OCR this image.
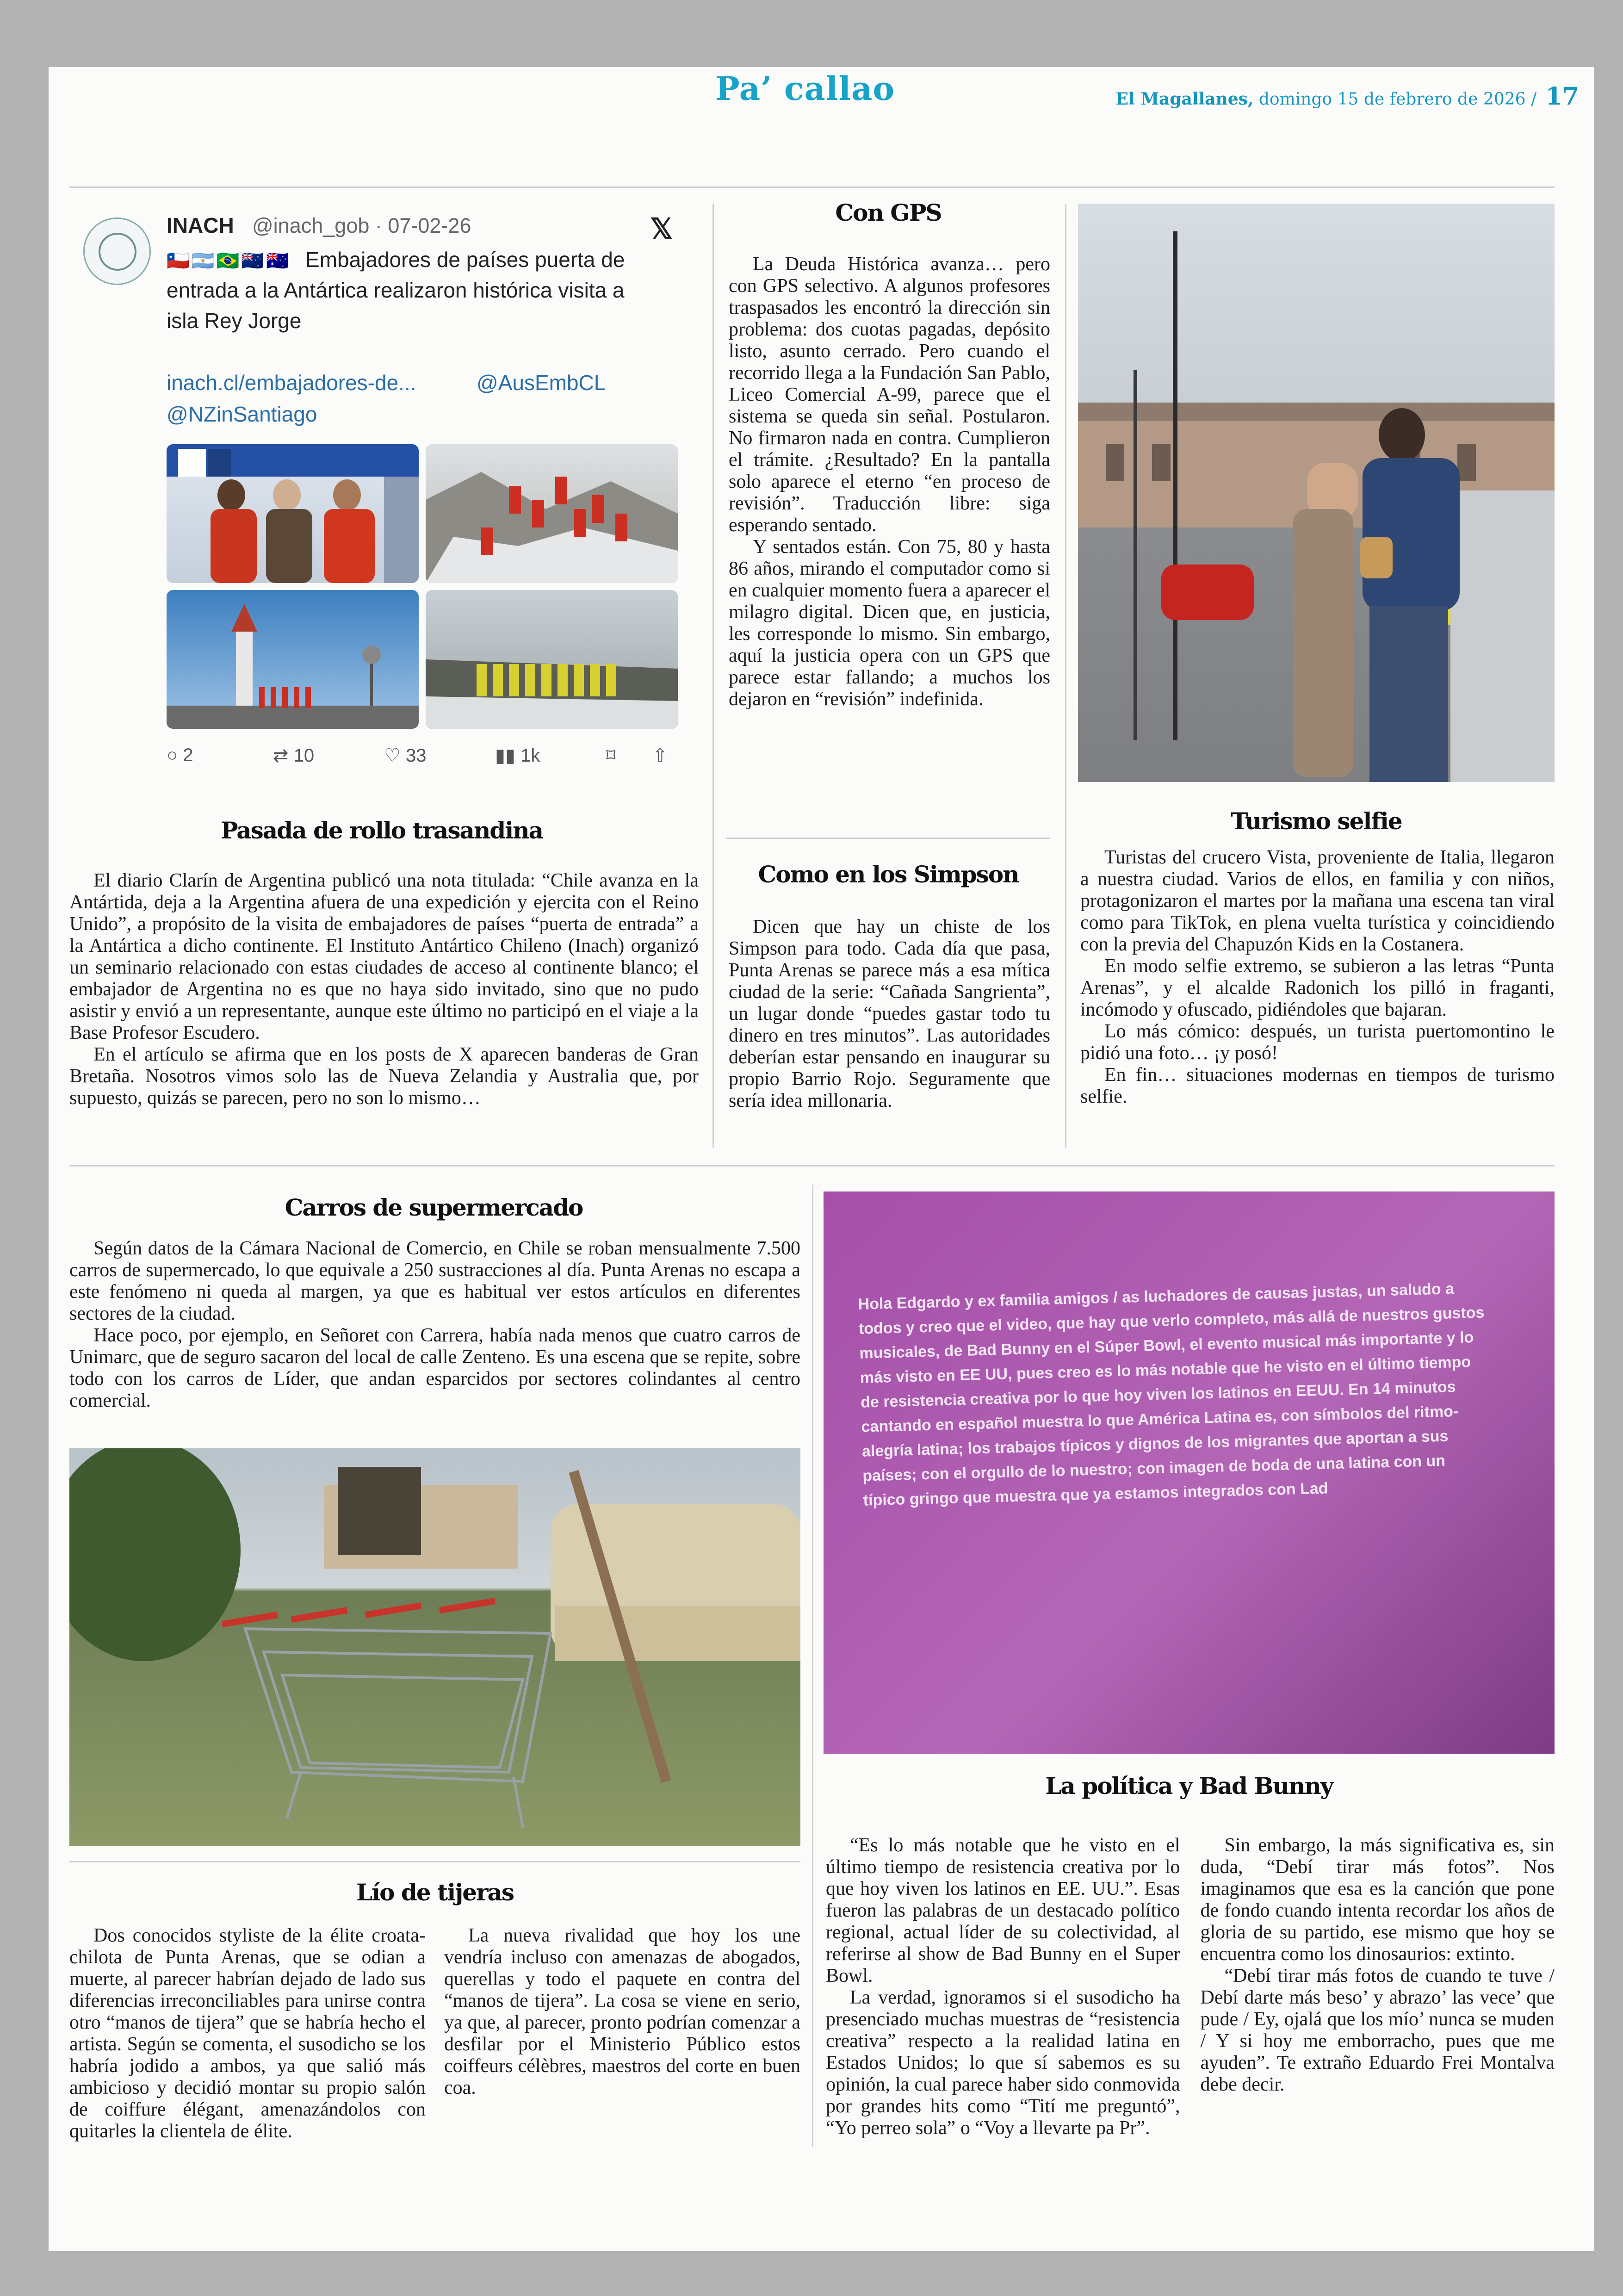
Pa’ callao	El Magallanes, domingo 15 de febrero de 2026 / 17
INACH @inach_gob · 07-02-26	𝕏
🇨🇱🇦🇷🇧🇷🇳🇿🇦🇺 Embajadores de países puerta de entrada a la Antártica realizaron histórica visita a isla Rey Jorge
inach.cl/embajadores-de...	@AusEmbCL
@NZinSantiago
○ 2	⇄ 10	♡ 33	▮▮ 1k	⌑ ⇧
Pasada de rollo trasandina

El diario Clarín de Argentina publicó una nota titulada: “Chile avanza en la Antártida, deja a la Argentina afuera de una expedición y ejercita con el Reino Unido”, a propósito de la visita de embajadores de países “puerta de entrada” a la Antártica a dicho continente. El Instituto Antártico Chileno (Inach) organizó un seminario relacionado con estas ciudades de acceso al continente blanco; el embajador de Argentina no es que no haya sido invitado, sino que no pudo asistir y envió a un representante, aunque este último no participó en el viaje a la Base Profesor Escudero.

En el artículo se afirma que en los posts de X aparecen banderas de Gran Bretaña. Nosotros vimos solo las de Nueva Zelandia y Australia que, por supuesto, quizás se parecen, pero no son lo mismo…

Con GPS

La Deuda Histórica avanza… pero con GPS selectivo. A algunos profesores traspasados les encontró la dirección sin problema: dos cuotas pagadas, depósito listo, asunto cerrado. Pero cuando el recorrido llega a la Fundación San Pablo, Liceo Comercial A-99, parece que el sistema se queda sin señal. Postularon. No firmaron nada en contra. Cumplieron el trámite. ¿Resultado? En la pantalla solo aparece el eterno “en proceso de revisión”. Traducción libre: siga esperando sentado.

Y sentados están. Con 75, 80 y hasta 86 años, mirando el computador como si en cualquier momento fuera a aparecer el milagro digital. Dicen que, en justicia, les corresponde lo mismo. Sin embargo, aquí la justicia opera con un GPS que parece estar fallando; a muchos los dejaron en “revisión” indefinida.

Como en los Simpson

Dicen que hay un chiste de los Simpson para todo. Cada día que pasa, Punta Arenas se parece más a esa mítica ciudad de la serie: “Cañada Sangrienta”, un lugar donde “puedes gastar todo tu dinero en tres minutos”. Las autoridades deberían estar pensando en inaugurar su propio Barrio Rojo. Seguramente que sería idea millonaria.

Turismo selfie

Turistas del crucero Vista, proveniente de Italia, llegaron a nuestra ciudad. Varios de ellos, en familia y con niños, protagonizaron el martes por la mañana una escena tan viral como para TikTok, en plena vuelta turística y coincidiendo con la previa del Chapuzón Kids en la Costanera.

En modo selfie extremo, se subieron a las letras “Punta Arenas”, y el alcalde Radonich los pilló in fraganti, incómodo y ofuscado, pidiéndoles que bajaran.

Lo más cómico: después, un turista puertomontino le pidió una foto… ¡y posó!

En fin… situaciones modernas en tiempos de turismo selfie.

Carros de supermercado

Según datos de la Cámara Nacional de Comercio, en Chile se roban mensualmente 7.500 carros de supermercado, lo que equivale a 250 sustracciones al día. Punta Arenas no escapa a este fenómeno ni queda al margen, ya que es habitual ver estos artículos en diferentes sectores de la ciudad.

Hace poco, por ejemplo, en Señoret con Carrera, había nada menos que cuatro carros de Unimarc, que de seguro sacaron del local de calle Zenteno. Es una escena que se repite, sobre todo con los carros de Líder, que andan esparcidos por sectores colindantes al centro comercial.

Hola Edgardo y ex familia amigos / as luchadores de causas justas, un saludo a todos y creo que el video, que hay que verlo completo, más allá de nuestros gustos musicales, de Bad Bunny en el Súper Bowl, el evento musical más importante y lo más visto en EE UU, pues creo es lo más notable que he visto en el último tiempo de resistencia creativa por lo que hoy viven los latinos en EEUU. En 14 minutos cantando en español muestra lo que América Latina es, con símbolos del ritmo-alegría latina; los trabajos típicos y dignos de los migrantes que aportan a sus países; con el orgullo de lo nuestro; con imagen de boda de una latina con un típico gringo que muestra que ya estamos integrados con Lad
La política y Bad Bunny

“Es lo más notable que he visto en el último tiempo de resistencia creativa por lo que hoy viven los latinos en EE. UU.”. Esas fueron las palabras de un destacado político regional, actual líder de su colectividad, al referirse al show de Bad Bunny en el Super Bowl.

La verdad, ignoramos si el susodicho ha presenciado muchas muestras de “resistencia creativa” respecto a la realidad latina en Estados Unidos; lo que sí sabemos es su opinión, la cual parece haber sido conmovida por grandes hits como “Tití me preguntó”, “Yo perreo sola” o “Voy a llevarte pa Pr”.

Sin embargo, la más significativa es, sin duda, “Debí tirar más fotos”. Nos imaginamos que esa es la canción que pone de fondo cuando intenta recordar los años de gloria de su partido, ese mismo que hoy se encuentra como los dinosaurios: extinto.

“Debí tirar más fotos de cuando te tuve / Debí darte más beso’ y abrazo’ las vece’ que pude / Ey, ojalá que los mío’ nunca se muden / Y si hoy me emborracho, pues que me ayuden”. Te extraño Eduardo Frei Montalva debe decir.

Lío de tijeras

Dos conocidos styliste de la élite croata-chilota de Punta Arenas, que se odian a muerte, al parecer habrían dejado de lado sus diferencias irreconciliables para unirse contra otro “manos de tijera” que se habría hecho el artista. Según se comenta, el susodicho se los habría jodido a ambos, ya que salió más ambicioso y decidió montar su propio salón de coiffure élégant, amenazándolos con quitarles la clientela de élite.

La nueva rivalidad que hoy los une vendría incluso con amenazas de abogados, querellas y todo el paquete en contra del “manos de tijera”. La cosa se viene en serio, ya que, al parecer, pronto podrían comenzar a desfilar por el Ministerio Público estos coiffeurs célèbres, maestros del corte en buen coa.
